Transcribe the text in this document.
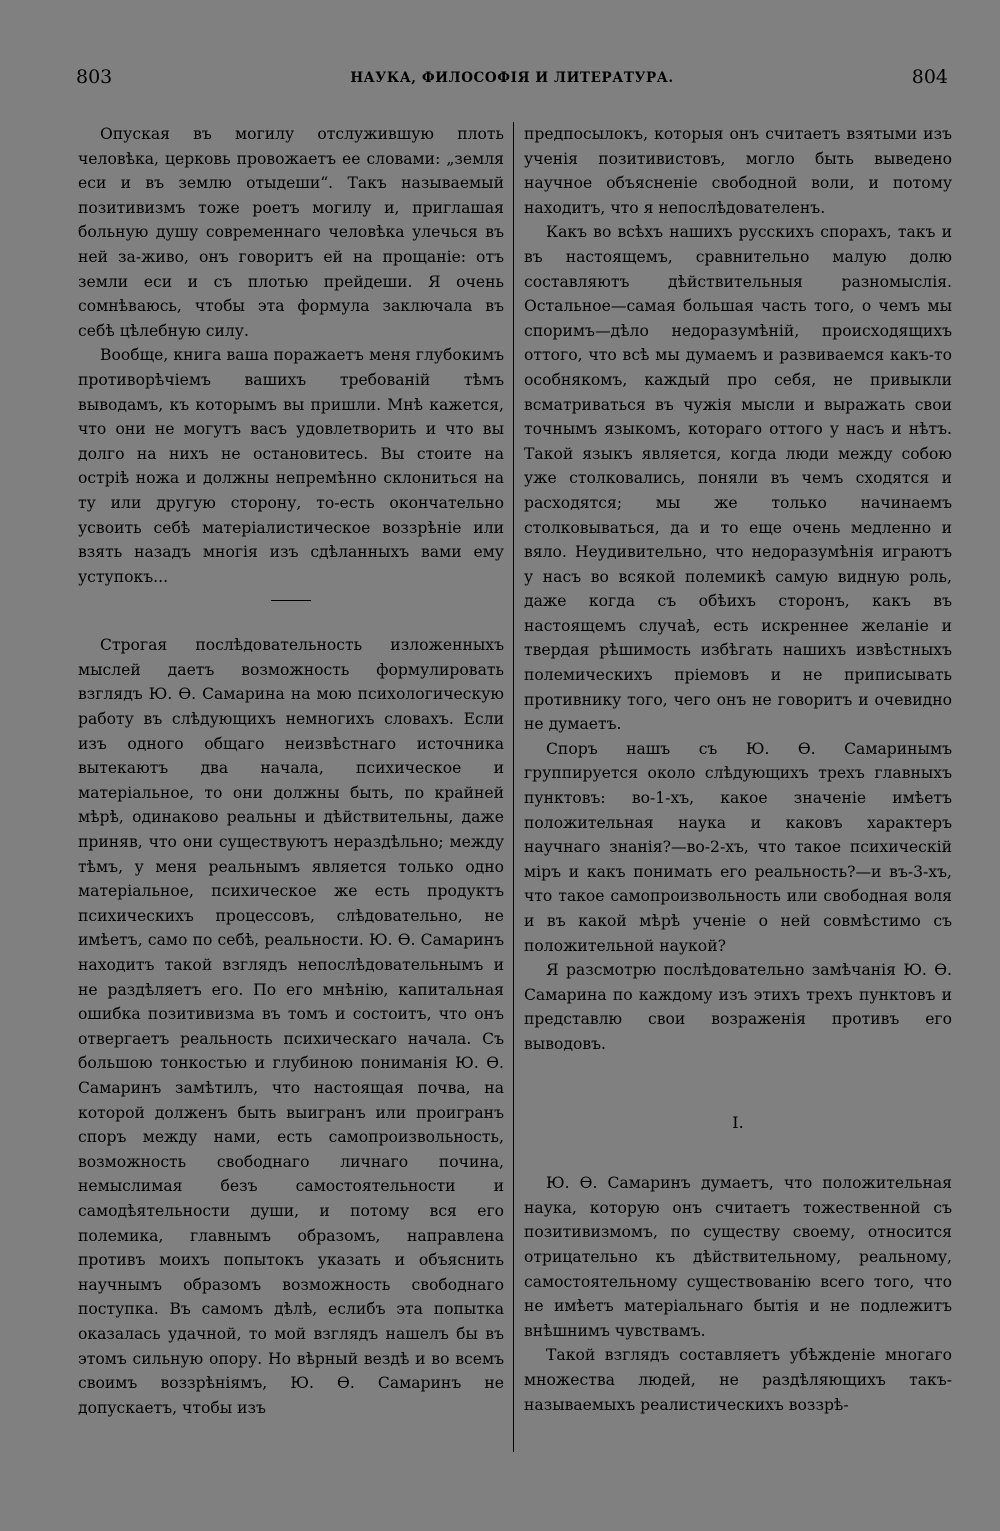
803	НАУКА, ФИЛОСОФІЯ И ЛИТЕРАТУРА.	804

Опуская въ могилу отслужившую плоть человѣка, церковь провожаетъ ее словами: „земля еси и въ землю отыдеши“. Такъ называемый позитивизмъ тоже роетъ могилу и, приглашая больную душу современнаго человѣка улечься въ ней за-живо, онъ говоритъ ей на прощаніе: отъ земли еси и съ плотью прейдеши. Я очень сомнѣваюсь, чтобы эта формула заключала въ себѣ цѣлебную силу.

Вообще, книга ваша поражаетъ меня глубокимъ противорѣчіемъ вашихъ требованій тѣмъ выводамъ, къ которымъ вы пришли. Мнѣ кажется, что они не могутъ васъ удовлетворить и что вы долго на нихъ не остановитесь. Вы стоите на остріѣ ножа и должны непремѣнно склониться на ту или другую сторону, то-есть окончательно усвоить себѣ матеріалистическое воззрѣніе или взять назадъ многія изъ сдѣланныхъ вами ему уступокъ...

Строгая послѣдовательность изложенныхъ мыслей даетъ возможность формулировать взглядъ Ю. Ѳ. Самарина на мою психологическую работу въ слѣдующихъ немногихъ словахъ. Если изъ одного общаго неизвѣстнаго источника вытекаютъ два начала, психическое и матеріальное, то они должны быть, по крайней мѣрѣ, одинаково реальны и дѣйствительны, даже приняв, что они существуютъ нераздѣльно; между тѣмъ, у меня реальнымъ является только одно матеріальное, психическое же есть продуктъ психическихъ процессовъ, слѣдовательно, не имѣетъ, само по себѣ, реальности. Ю. Ѳ. Самаринъ находитъ такой взглядъ непослѣдовательнымъ и не раздѣляетъ его. По его мнѣнію, капитальная ошибка позитивизма въ томъ и состоитъ, что онъ отвергаетъ реальность психическаго начала. Съ большою тонкостью и глубиною пониманія Ю. Ѳ. Самаринъ замѣтилъ, что настоящая почва, на которой долженъ быть выигранъ или проигранъ споръ между нами, есть самопроизвольность, возможность свободнаго личнаго почина, немыслимая безъ самостоятельности и самодѣятельности души, и потому вся его полемика, главнымъ образомъ, направлена противъ моихъ попытокъ указать и объяснить научнымъ образомъ возможность свободнаго поступка. Въ самомъ дѣлѣ, еслибъ эта попытка оказалась удачной, то мой взглядъ нашелъ бы въ этомъ сильную опору. Но вѣрный вездѣ и во всемъ своимъ воззрѣніямъ, Ю. Ѳ. Самаринъ не допускаетъ, чтобы изъ

предпосылокъ, которыя онъ считаетъ взятыми изъ ученія позитивистовъ, могло быть выведено научное объясненіе свободной воли, и потому находитъ, что я непослѣдователенъ.

Какъ во всѣхъ нашихъ русскихъ спорахъ, такъ и въ настоящемъ, сравнительно малую долю составляютъ дѣйствительныя разномыслія. Остальное—самая большая часть того, о чемъ мы споримъ—дѣло недоразумѣній, происходящихъ оттого, что всѣ мы думаемъ и развиваемся какъ-то особнякомъ, каждый про себя, не привыкли всматриваться въ чужія мысли и выражать свои точнымъ языкомъ, котораго оттого у насъ и нѣтъ. Такой языкъ является, когда люди между собою уже столковались, поняли въ чемъ сходятся и расходятся; мы же только начинаемъ столковываться, да и то еще очень медленно и вяло. Неудивительно, что недоразумѣнія играютъ у насъ во всякой полемикѣ самую видную роль, даже когда съ обѣихъ сторонъ, какъ въ настоящемъ случаѣ, есть искреннее желаніе и твердая рѣшимость избѣгать нашихъ извѣстныхъ полемическихъ пріемовъ и не приписывать противнику того, чего онъ не говоритъ и очевидно не думаетъ.

Споръ нашъ съ Ю. Ѳ. Самаринымъ группируется около слѣдующихъ трехъ главныхъ пунктовъ: во-1-хъ, какое значеніе имѣетъ положительная наука и каковъ характеръ научнаго знанія?—во-2-хъ, что такое психическій міръ и какъ понимать его реальность?—и въ-3-хъ, что такое самопроизвольность или свободная воля и въ какой мѣрѣ ученіе о ней совмѣстимо съ положительной наукой?

Я разсмотрю послѣдовательно замѣчанія Ю. Ѳ. Самарина по каждому изъ этихъ трехъ пунктовъ и представлю свои возраженія противъ его выводовъ.

I.

Ю. Ѳ. Самаринъ думаетъ, что положительная наука, которую онъ считаетъ тожественной съ позитивизмомъ, по существу своему, относится отрицательно къ дѣйствительному, реальному, самостоятельному существованію всего того, что не имѣетъ матеріальнаго бытія и не подлежитъ внѣшнимъ чувствамъ.

Такой взглядъ составляетъ убѣжденіе многаго множества людей, не раздѣляющихъ такъ-называемыхъ реалистическихъ воззрѣ-
